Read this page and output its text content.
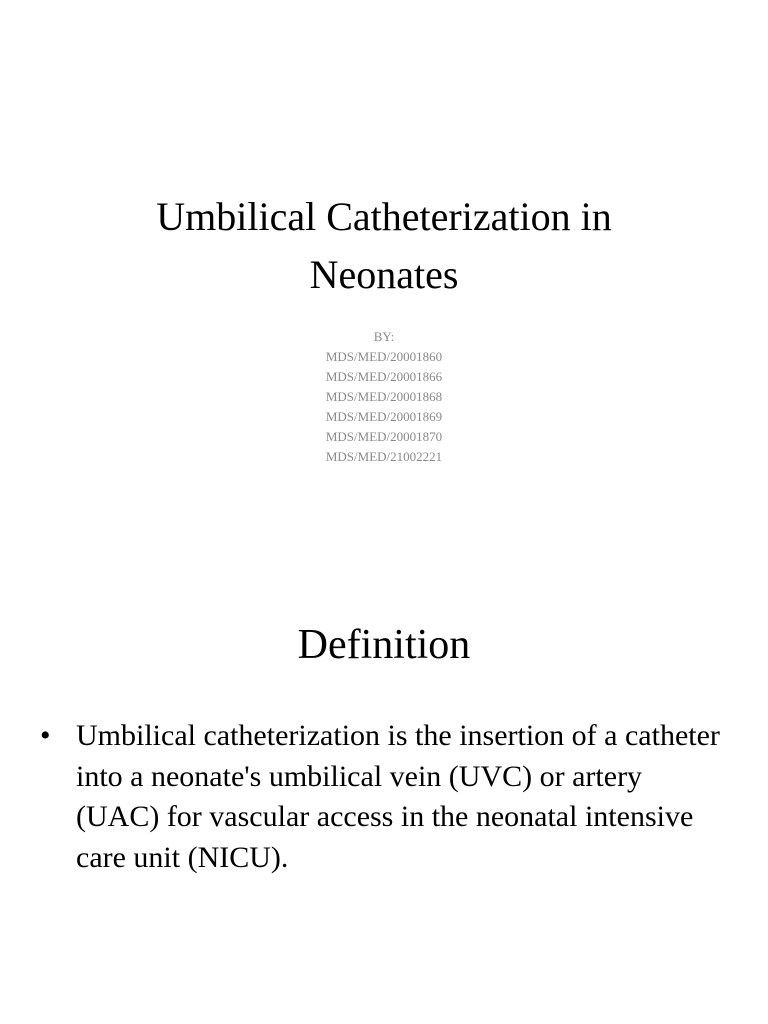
Umbilical Catheterization in Neonates
BY:
MDS/MED/20001860
MDS/MED/20001866
MDS/MED/20001868
MDS/MED/20001869
MDS/MED/20001870
MDS/MED/21002221
Definition
• Umbilical catheterization is the insertion of a catheter into a neonate's umbilical vein (UVC) or artery (UAC) for vascular access in the neonatal intensive care unit (NICU).
